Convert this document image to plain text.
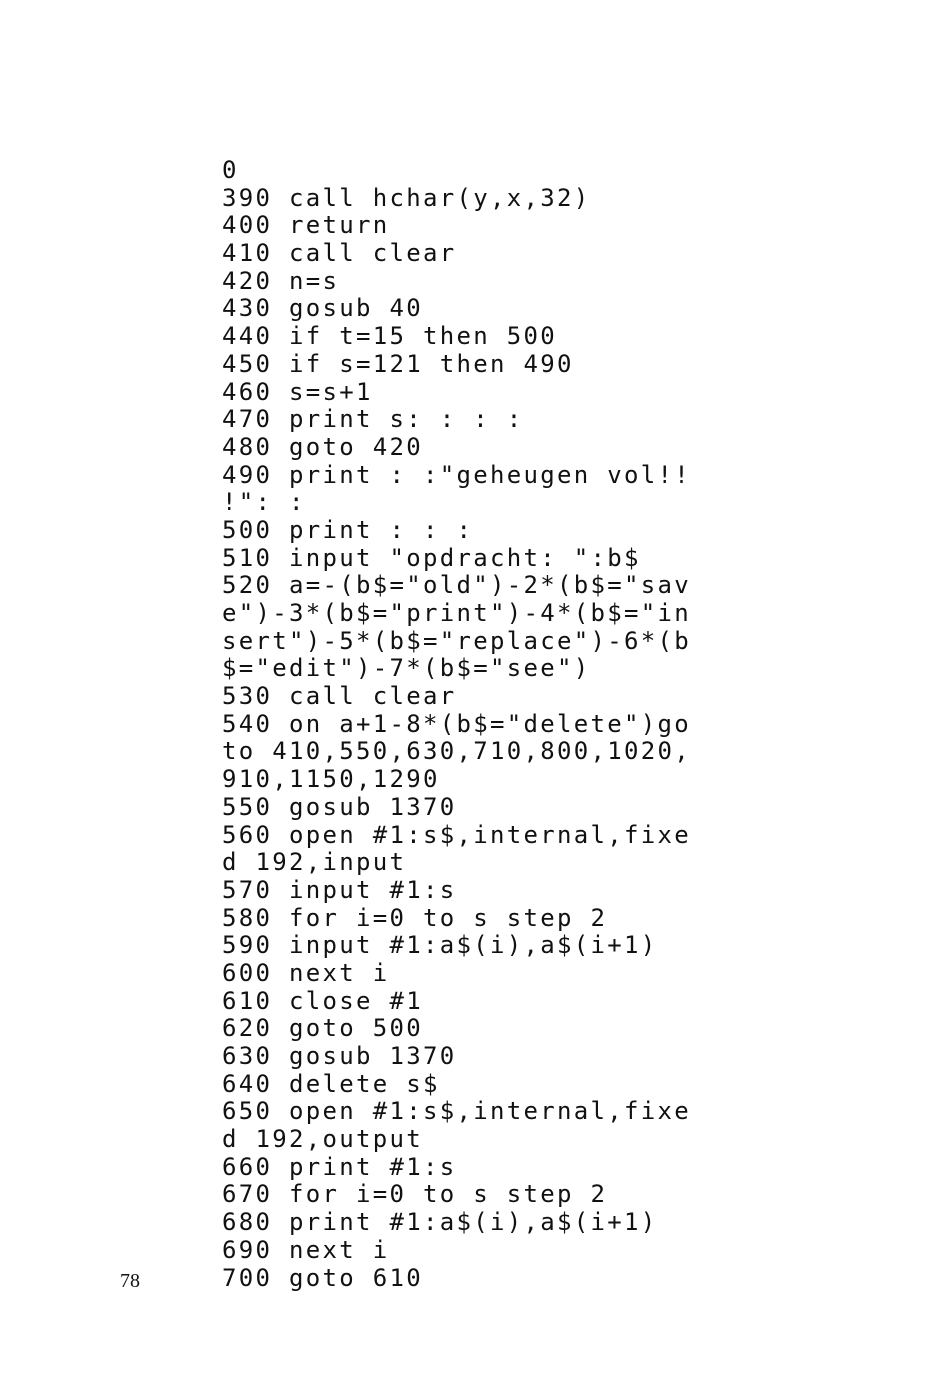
0
390 call hchar(y,x,32)
400 return
410 call clear
420 n=s
430 gosub 40
440 if t=15 then 500
450 if s=121 then 490
460 s=s+1
470 print s: : : :
480 goto 420
490 print : :"geheugen vol!!
!": :
500 print : : :
510 input "opdracht: ":b$
520 a=-(b$="old")-2*(b$="sav
e")-3*(b$="print")-4*(b$="in
sert")-5*(b$="replace")-6*(b
$="edit")-7*(b$="see")
530 call clear
540 on a+1-8*(b$="delete")go
to 410,550,630,710,800,1020,
910,1150,1290
550 gosub 1370
560 open #1:s$,internal,fixe
d 192,input
570 input #1:s
580 for i=0 to s step 2
590 input #1:a$(i),a$(i+1)
600 next i
610 close #1
620 goto 500
630 gosub 1370
640 delete s$
650 open #1:s$,internal,fixe
d 192,output
660 print #1:s
670 for i=0 to s step 2
680 print #1:a$(i),a$(i+1)
690 next i
700 goto 610
78
